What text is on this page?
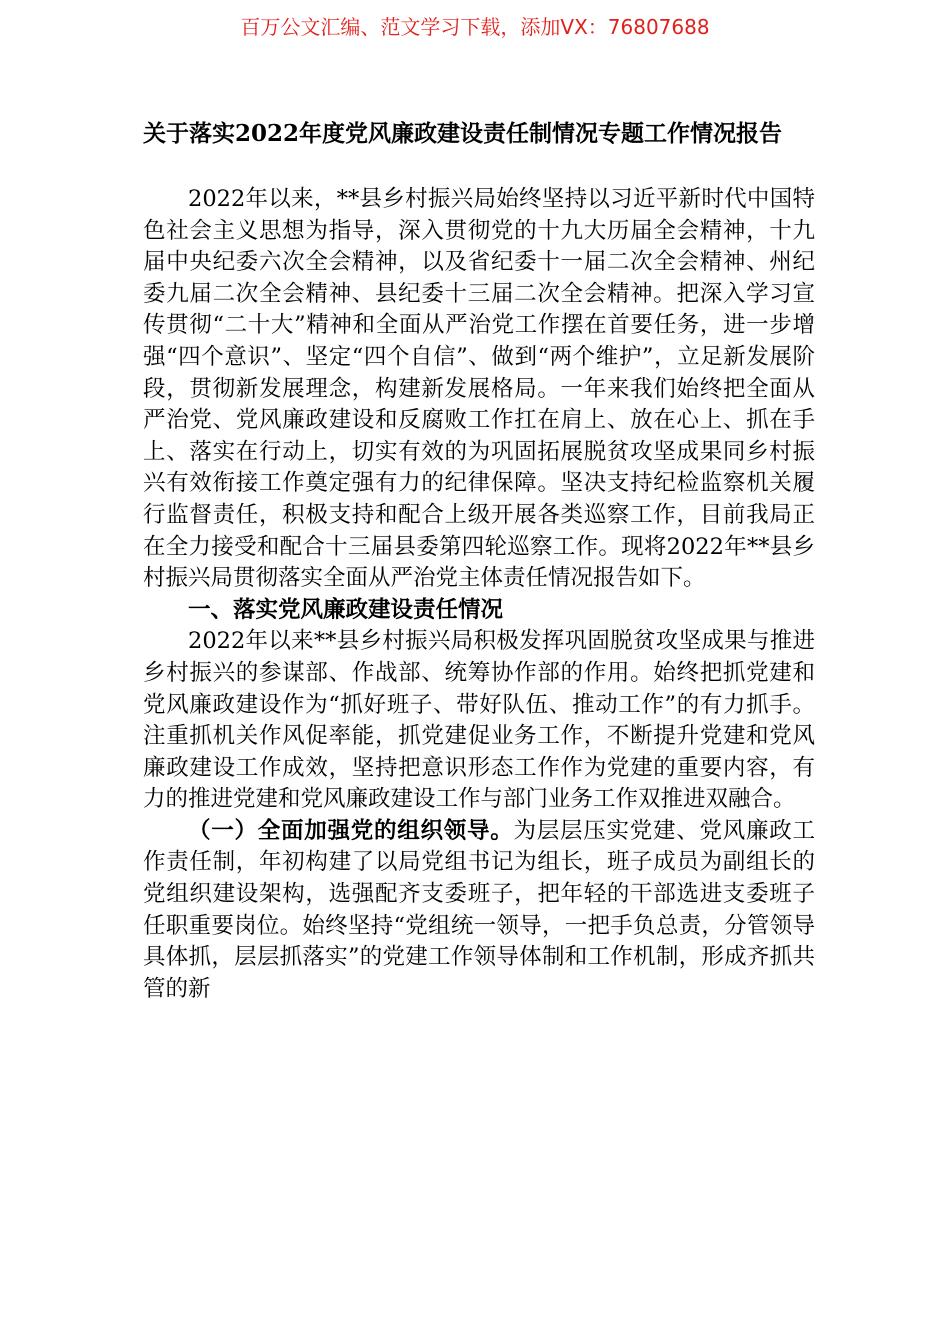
百万公文汇编、范文学习下载，添加VX：76807688
关于落实2022年度党风廉政建设责任制情况专题工作情况报告

2022年以来，**县乡村振兴局始终坚持以习近平新时代中国特色社会主义思想为指导，深入贯彻党的十九大历届全会精神，十九届中央纪委六次全会精神，以及省纪委十一届二次全会精神、州纪委九届二次全会精神、县纪委十三届二次全会精神。把深入学习宣传贯彻“二十大”精神和全面从严治党工作摆在首要任务，进一步增强“四个意识”、坚定“四个自信”、做到“两个维护”，立足新发展阶段，贯彻新发展理念，构建新发展格局。一年来我们始终把全面从严治党、党风廉政建设和反腐败工作扛在肩上、放在心上、抓在手上、落实在行动上，切实有效的为巩固拓展脱贫攻坚成果同乡村振兴有效衔接工作奠定强有力的纪律保障。坚决支持纪检监察机关履行监督责任，积极支持和配合上级开展各类巡察工作，目前我局正在全力接受和配合十三届县委第四轮巡察工作。现将2022年**县乡村振兴局贯彻落实全面从严治党主体责任情况报告如下。

一、落实党风廉政建设责任情况

2022年以来**县乡村振兴局积极发挥巩固脱贫攻坚成果与推进乡村振兴的参谋部、作战部、统筹协作部的作用。始终把抓党建和党风廉政建设作为“抓好班子、带好队伍、推动工作”的有力抓手。注重抓机关作风促率能，抓党建促业务工作，不断提升党建和党风廉政建设工作成效，坚持把意识形态工作作为党建的重要内容，有力的推进党建和党风廉政建设工作与部门业务工作双推进双融合。

（一）全面加强党的组织领导。为层层压实党建、党风廉政工作责任制，年初构建了以局党组书记为组长，班子成员为副组长的党组织建设架构，选强配齐支委班子，把年轻的干部选进支委班子任职重要岗位。始终坚持“党组统一领导，一把手负总责，分管领导具体抓，层层抓落实”的党建工作领导体制和工作机制，形成齐抓共管的新
